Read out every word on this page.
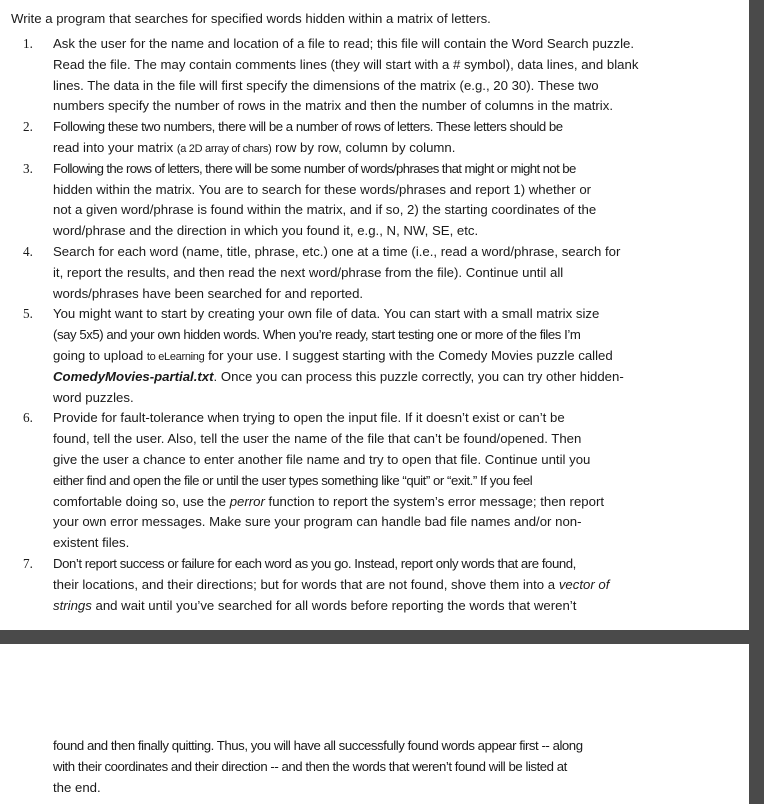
Write a program that searches for specified words hidden within a matrix of letters.
1. Ask the user for the name and location of a file to read; this file will contain the Word Search puzzle.
Read the file. The may contain comments lines (they will start with a # symbol), data lines, and blank
lines. The data in the file will first specify the dimensions of the matrix (e.g., 20 30). These two
numbers specify the number of rows in the matrix and then the number of columns in the matrix.
2. Following these two numbers, there will be a number of rows of letters. These letters should be
read into your matrix (a 2D array of chars) row by row, column by column.
3. Following the rows of letters, there will be some number of words/phrases that might or might not be
hidden within the matrix. You are to search for these words/phrases and report 1) whether or
not a given word/phrase is found within the matrix, and if so, 2) the starting coordinates of the
word/phrase and the direction in which you found it, e.g., N, NW, SE, etc.
4. Search for each word (name, title, phrase, etc.) one at a time (i.e., read a word/phrase, search for
it, report the results, and then read the next word/phrase from the file). Continue until all
words/phrases have been searched for and reported.
5. You might want to start by creating your own file of data. You can start with a small matrix size
(say 5x5) and your own hidden words. When you’re ready, start testing one or more of the files I’m
going to upload to eLearning for your use. I suggest starting with the Comedy Movies puzzle called
ComedyMovies-partial.txt. Once you can process this puzzle correctly, you can try other hidden-
word puzzles.
6. Provide for fault-tolerance when trying to open the input file. If it doesn’t exist or can’t be
found, tell the user. Also, tell the user the name of the file that can’t be found/opened. Then
give the user a chance to enter another file name and try to open that file. Continue until you
either find and open the file or until the user types something like “quit” or “exit.” If you feel
comfortable doing so, use the perror function to report the system’s error message; then report
your own error messages. Make sure your program can handle bad file names and/or non-
existent files.
7. Don’t report success or failure for each word as you go. Instead, report only words that are found,
their locations, and their directions; but for words that are not found, shove them into a vector of
strings and wait until you’ve searched for all words before reporting the words that weren’t
found and then finally quitting. Thus, you will have all successfully found words appear first -- along
with their coordinates and their direction -- and then the words that weren’t found will be listed at
the end.
